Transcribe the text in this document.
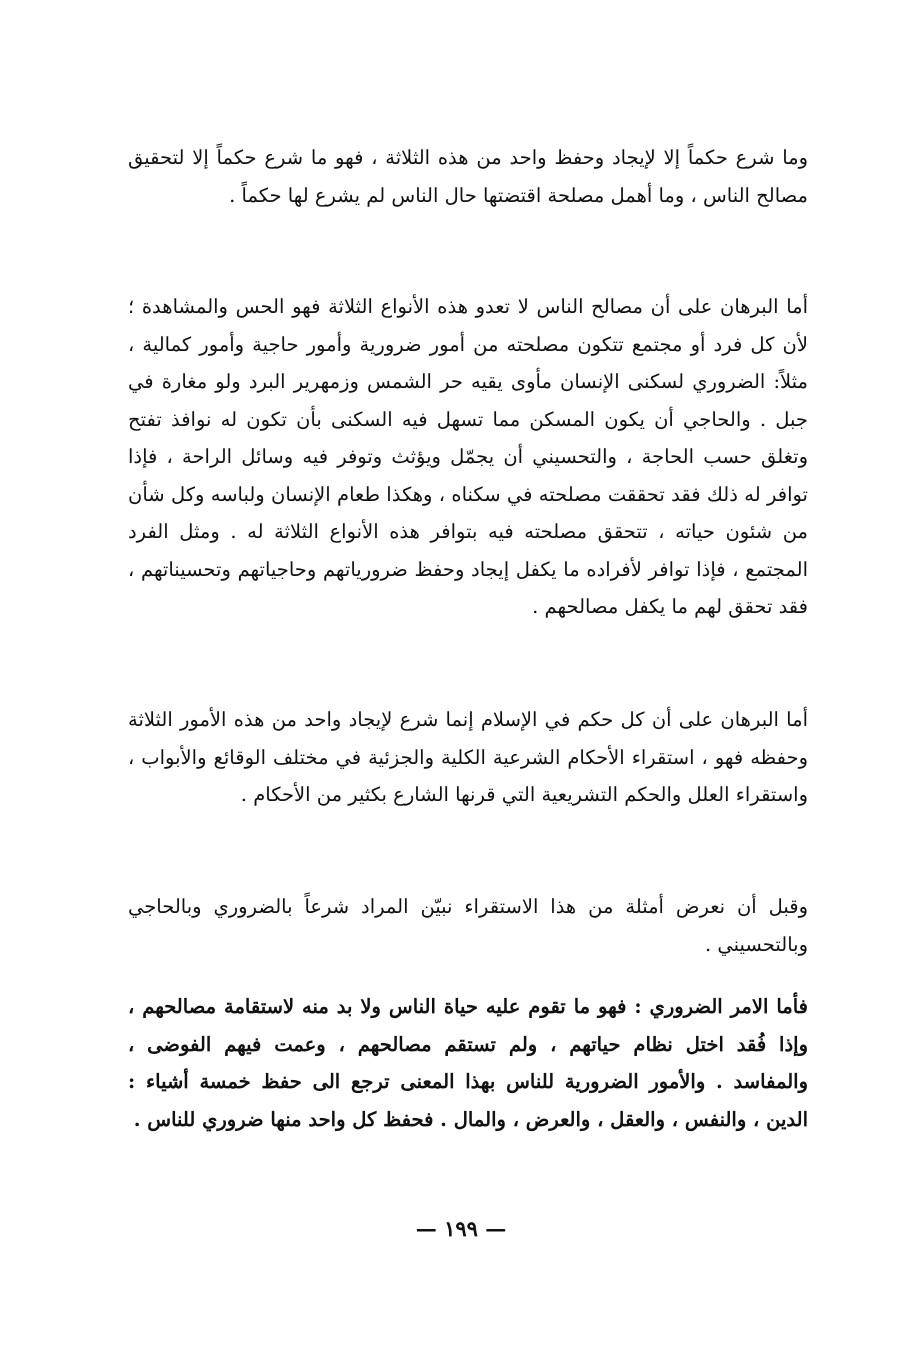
وما شرع حكماً إلا لإيجاد وحفظ واحد من هذه الثلاثة ، فهو ما شرع حكماً إلا لتحقيق مصالح الناس ، وما أهمل مصلحة اقتضتها حال الناس لم يشرع لها حكماً .

أما البرهان على أن مصالح الناس لا تعدو هذه الأنواع الثلاثة فهو الحس والمشاهدة ؛ لأن كل فرد أو مجتمع تتكون مصلحته من أمور ضرورية وأمور حاجية وأمور كمالية ، مثلاً: الضروري لسكنى الإنسان مأوى يقيه حر الشمس وزمهرير البرد ولو مغارة في جبل . والحاجي أن يكون المسكن مما تسهل فيه السكنى بأن تكون له نوافذ تفتح وتغلق حسب الحاجة ، والتحسيني أن يجمّل ويؤثث وتوفر فيه وسائل الراحة ، فإذا توافر له ذلك فقد تحققت مصلحته في سكناه ، وهكذا طعام الإنسان ولباسه وكل شأن من شئون حياته ، تتحقق مصلحته فيه بتوافر هذه الأنواع الثلاثة له . ومثل الفرد المجتمع ، فإذا توافر لأفراده ما يكفل إيجاد وحفظ ضرورياتهم وحاجياتهم وتحسيناتهم ، فقد تحقق لهم ما يكفل مصالحهم .

أما البرهان على أن كل حكم في الإسلام إنما شرع لإيجاد واحد من هذه الأمور الثلاثة وحفظه فهو ، استقراء الأحكام الشرعية الكلية والجزئية في مختلف الوقائع والأبواب ، واستقراء العلل والحكم التشريعية التي قرنها الشارع بكثير من الأحكام .

وقبل أن نعرض أمثلة من هذا الاستقراء نبيّن المراد شرعاً بالضروري وبالحاجي وبالتحسيني .

فأما الامر الضروري : فهو ما تقوم عليه حياة الناس ولا بد منه لاستقامة مصالحهم ، وإذا فُقد اختل نظام حياتهم ، ولم تستقم مصالحهم ، وعمت فيهم الفوضى ، والمفاسد . والأمور الضرورية للناس بهذا المعنى ترجع الى حفظ خمسة أشياء : الدين ، والنفس ، والعقل ، والعرض ، والمال . فحفظ كل واحد منها ضروري للناس .

— ١٩٩ —
